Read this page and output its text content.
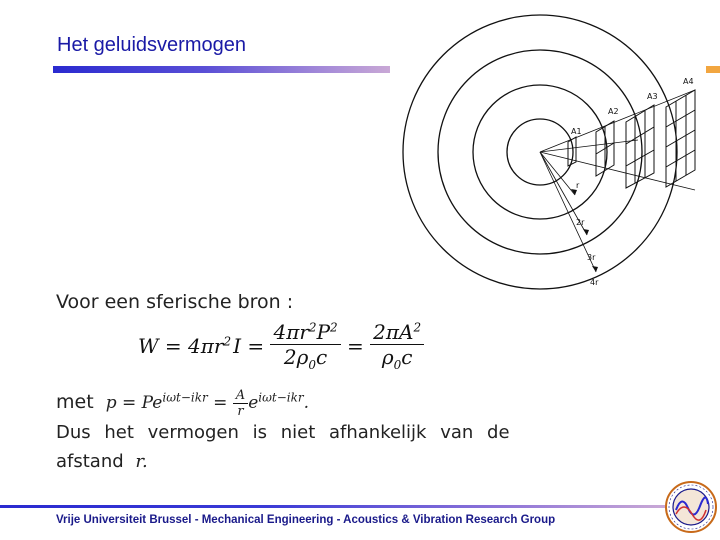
Het geluidsvermogen
A1
A2
A3
A4
r
2r
3r
4r
Voor een sferische bron :
$W = 4\pi r^2$ $I = \frac{4\pi r^2P^2}{2\rho_0c} = \frac{2\pi A^2}{\rho_0c}$
met $p = Pe^{i\omega t-ikr} = \frac{A}{r} e^{i\omega t-ikr}$.
Dus het vermogen is niet afhankelijk van de
afstand r.
Vrije Universiteit Brussel - Mechanical Engineering - Acoustics & Vibration Research Group
